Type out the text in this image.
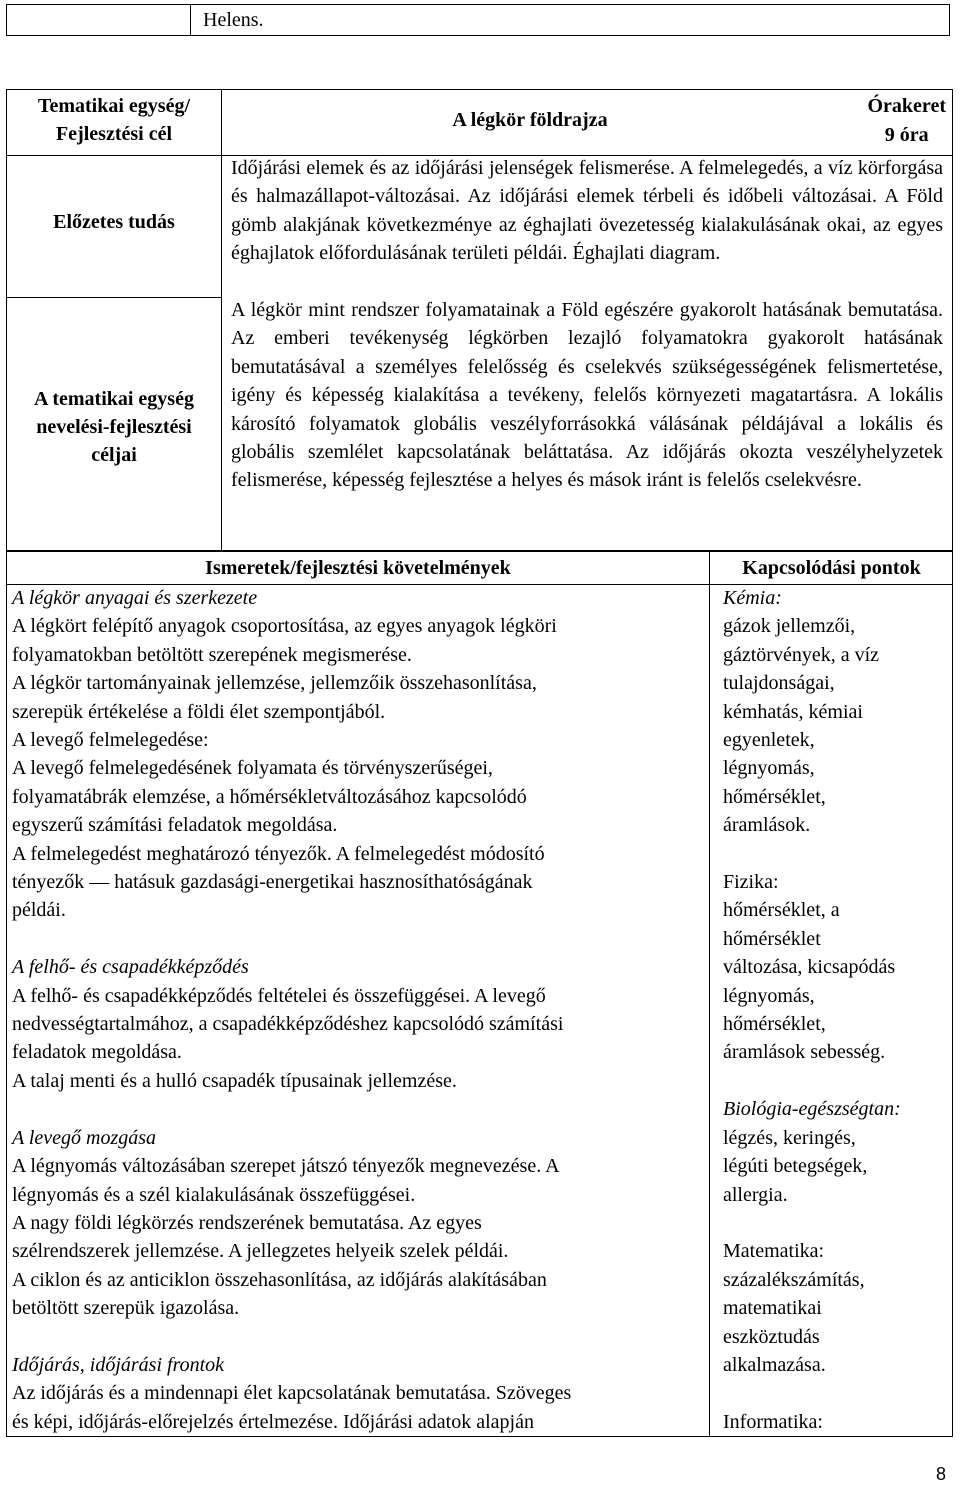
Helens.
Tematikai egység/
Fejlesztési cél
A légkör földrajza
Órakeret
9 óra
Előzetes tudás
Időjárási elemek és az időjárási jelenségek felismerése. A felmelegedés, a víz körforgása és halmazállapot-változásai. Az időjárási elemek térbeli és időbeli változásai. A Föld gömb alakjának következménye az éghajlati övezetesség kialakulásának okai, az egyes éghajlatok előfordulásának területi példái. Éghajlati diagram.
A tematikai egység
nevelési-fejlesztési
céljai
A légkör mint rendszer folyamatainak a Föld egészére gyakorolt hatásának bemutatása. Az emberi tevékenység légkörben lezajló folyamatokra gyakorolt hatásának bemutatásával a személyes felelősség és cselekvés szükségességének felismertetése, igény és képesség kialakítása a tevékeny, felelős környezeti magatartásra. A lokális károsító folyamatok globális veszélyforrásokká válásának példájával a lokális és globális szemlélet kapcsolatának beláttatása. Az időjárás okozta veszélyhelyzetek felismerése, képesség fejlesztése a helyes és mások iránt is felelős cselekvésre.
Ismeretek/fejlesztési követelmények	Kapcsolódási pontok
A légkör anyagai és szerkezete
A légkört felépítő anyagok csoportosítása, az egyes anyagok légköri
folyamatokban betöltött szerepének megismerése.
A légkör tartományainak jellemzése, jellemzőik összehasonlítása,
szerepük értékelése a földi élet szempontjából.
A levegő felmelegedése:
A levegő felmelegedésének folyamata és törvényszerűségei,
folyamatábrák elemzése, a hőmérsékletváltozásához kapcsolódó
egyszerű számítási feladatok megoldása.
A felmelegedést meghatározó tényezők. A felmelegedést módosító
tényezők — hatásuk gazdasági-energetikai hasznosíthatóságának
példái.
A felhő- és csapadékképződés
A felhő- és csapadékképződés feltételei és összefüggései. A levegő
nedvességtartalmához, a csapadékképződéshez kapcsolódó számítási
feladatok megoldása.
A talaj menti és a hulló csapadék típusainak jellemzése.
A levegő mozgása
A légnyomás változásában szerepet játszó tényezők megnevezése. A
légnyomás és a szél kialakulásának összefüggései.
A nagy földi légkörzés rendszerének bemutatása. Az egyes
szélrendszerek jellemzése. A jellegzetes helyeik szelek példái.
A ciklon és az anticiklon összehasonlítása, az időjárás alakításában
betöltött szerepük igazolása.
Időjárás, időjárási frontok
Az időjárás és a mindennapi élet kapcsolatának bemutatása. Szöveges
és képi, időjárás-előrejelzés értelmezése. Időjárási adatok alapján
Kémia:
gázok jellemzői,
gáztörvények, a víz
tulajdonságai,
kémhatás, kémiai
egyenletek,
légnyomás,
hőmérséklet,
áramlások.
Fizika:
hőmérséklet, a
hőmérséklet
változása, kicsapódás
légnyomás,
hőmérséklet,
áramlások sebesség.
Biológia-egészségtan:
légzés, keringés,
légúti betegségek,
allergia.
Matematika:
százalékszámítás,
matematikai
eszköztudás
alkalmazása.
Informatika:
8
